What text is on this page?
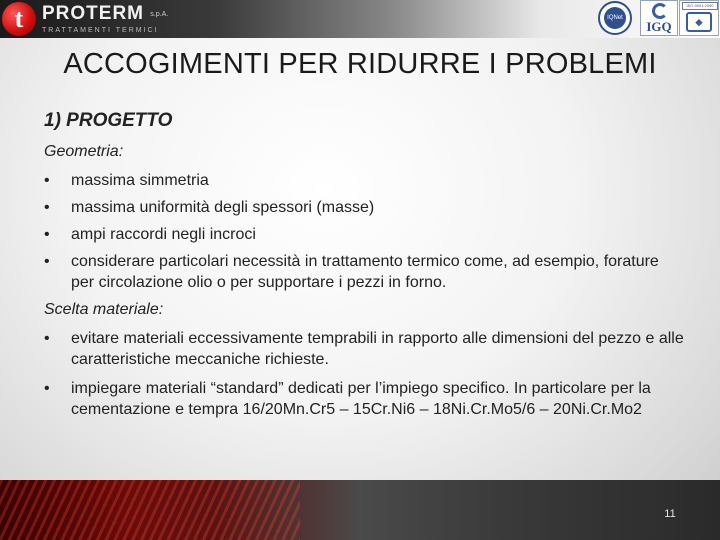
t PROTERM s.p.A.
TRATTAMENTI TERMICI
IQNet
IGQ
ISO 9001:2000
◆
ACCOGIMENTI PER RIDURRE I PROBLEMI
1) PROGETTO
Geometria:
• massima simmetria
• massima uniformità degli spessori (masse)
• ampi raccordi negli incroci
• considerare particolari necessità in trattamento termico come, ad esempio, forature per circolazione olio o per supportare i pezzi in forno.
Scelta materiale:
• evitare materiali eccessivamente temprabili in rapporto alle dimensioni del pezzo e alle caratteristiche meccaniche richieste.
• impiegare materiali “standard” dedicati per l’impiego specifico. In particolare per la cementazione e tempra 16/20Mn.Cr5 – 15Cr.Ni6 – 18Ni.Cr.Mo5/6 – 20Ni.Cr.Mo2
11
